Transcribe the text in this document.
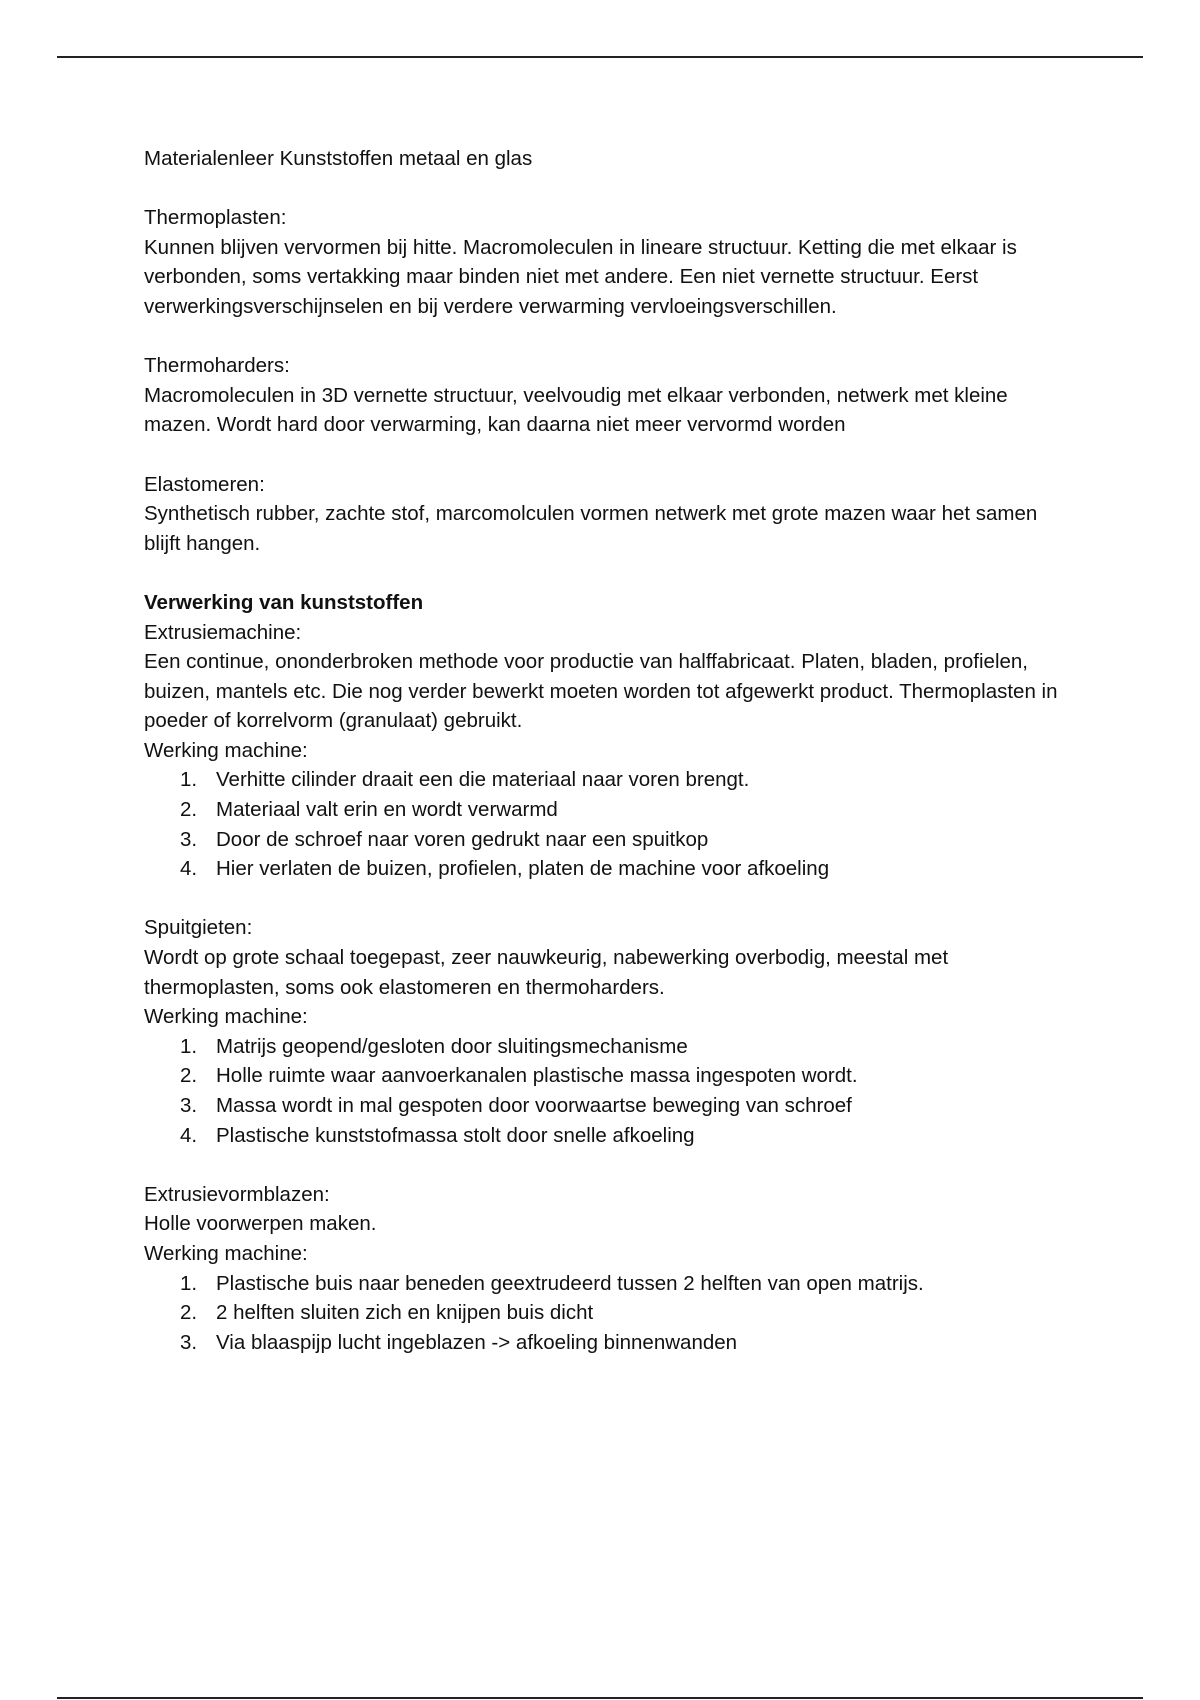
Materialenleer Kunststoffen metaal en glas

Thermoplasten:

Kunnen blijven vervormen bij hitte. Macromoleculen in lineare structuur. Ketting die met elkaar is verbonden, soms vertakking maar binden niet met andere. Een niet vernette structuur. Eerst verwerkingsverschijnselen en bij verdere verwarming vervloeingsverschillen.

Thermoharders:

Macromoleculen in 3D vernette structuur, veelvoudig met elkaar verbonden, netwerk met kleine mazen. Wordt hard door verwarming, kan daarna niet meer vervormd worden

Elastomeren:

Synthetisch rubber, zachte stof, marcomolculen vormen netwerk met grote mazen waar het samen blijft hangen.

Verwerking van kunststoffen

Extrusiemachine:

Een continue, ononderbroken methode voor productie van halffabricaat. Platen, bladen, profielen, buizen, mantels etc. Die nog verder bewerkt moeten worden tot afgewerkt product. Thermoplasten in poeder of korrelvorm (granulaat) gebruikt.

Werking machine:

1. Verhitte cilinder draait een die materiaal naar voren brengt.
2. Materiaal valt erin en wordt verwarmd
3. Door de schroef naar voren gedrukt naar een spuitkop
4. Hier verlaten de buizen, profielen, platen de machine voor afkoeling

Spuitgieten:

Wordt op grote schaal toegepast, zeer nauwkeurig, nabewerking overbodig, meestal met thermoplasten, soms ook elastomeren en thermoharders.

Werking machine:

1. Matrijs geopend/gesloten door sluitingsmechanisme
2. Holle ruimte waar aanvoerkanalen plastische massa ingespoten wordt.
3. Massa wordt in mal gespoten door voorwaartse beweging van schroef
4. Plastische kunststofmassa stolt door snelle afkoeling

Extrusievormblazen:

Holle voorwerpen maken.

Werking machine:

1. Plastische buis naar beneden geextrudeerd tussen 2 helften van open matrijs.
2. 2 helften sluiten zich en knijpen buis dicht
3. Via blaaspijp lucht ingeblazen -> afkoeling binnenwanden
